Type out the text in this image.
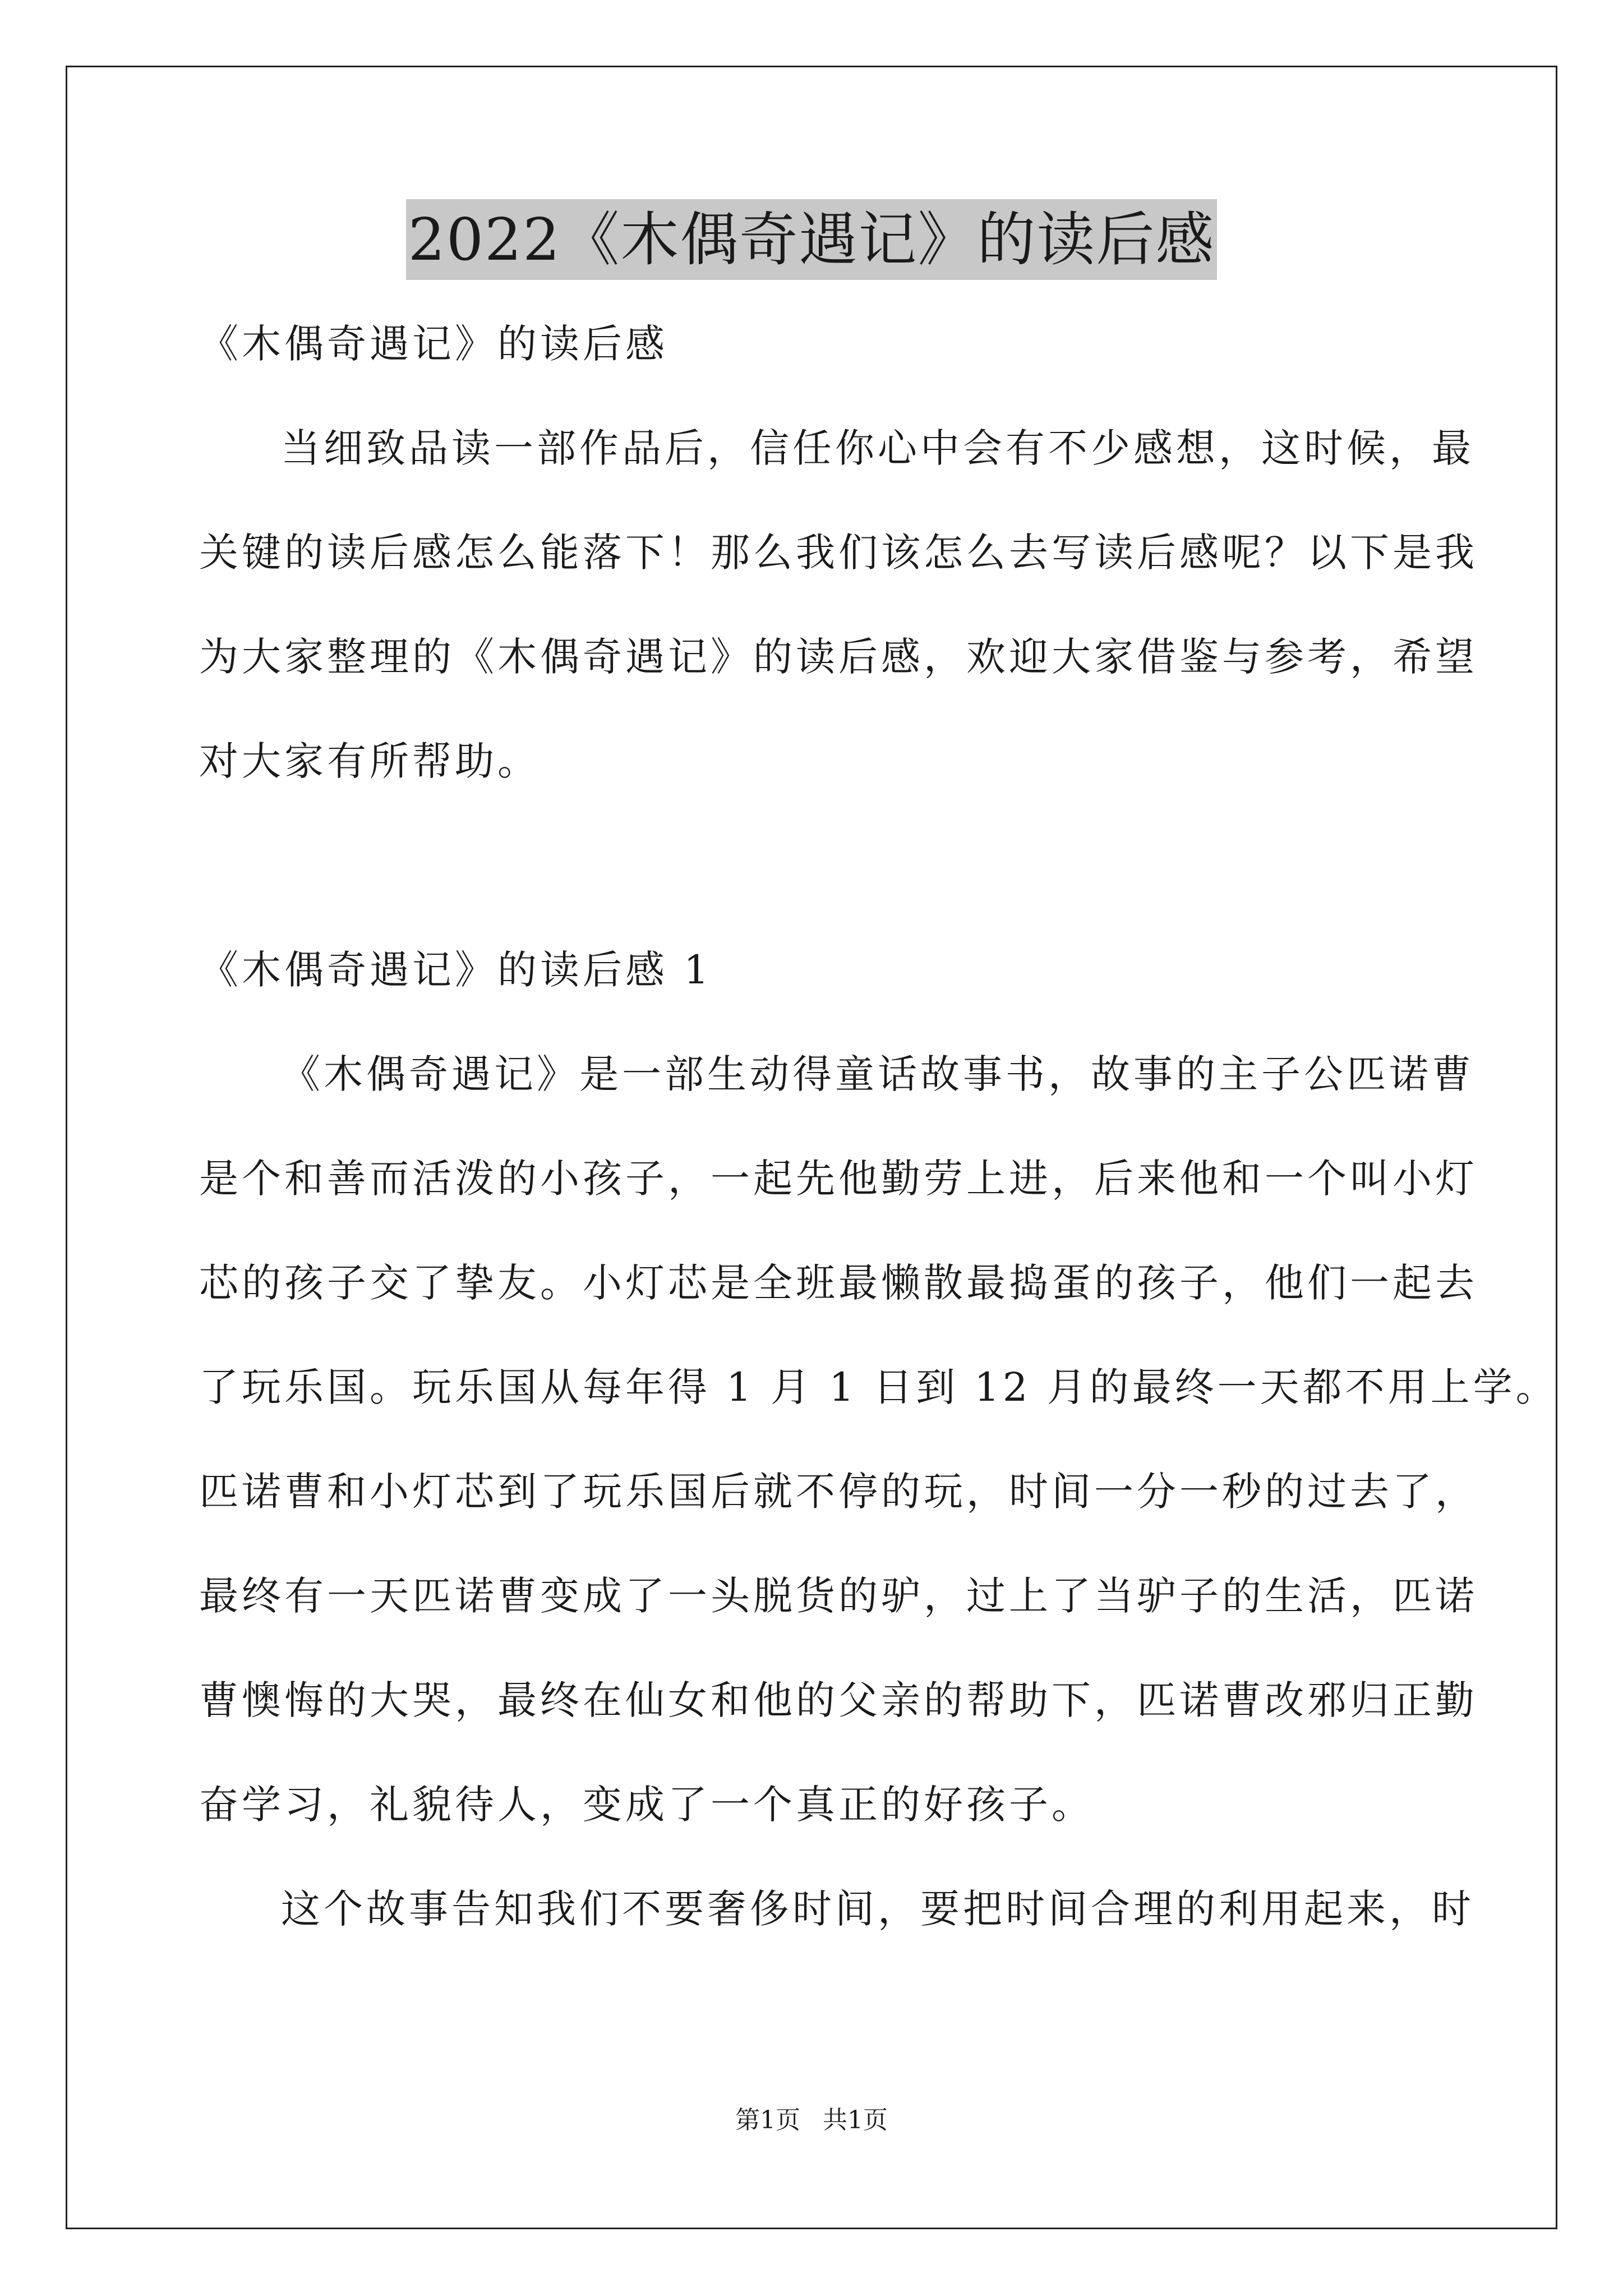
2022《木偶奇遇记》的读后感
《木偶奇遇记》的读后感
当细致品读一部作品后，信任你心中会有不少感想，这时候，最
关键的读后感怎么能落下！那么我们该怎么去写读后感呢？以下是我
为大家整理的《木偶奇遇记》的读后感，欢迎大家借鉴与参考，希望
对大家有所帮助。
《木偶奇遇记》的读后感 1
《木偶奇遇记》是一部生动得童话故事书，故事的主子公匹诺曹
是个和善而活泼的小孩子，一起先他勤劳上进，后来他和一个叫小灯
芯的孩子交了挚友。小灯芯是全班最懒散最捣蛋的孩子，他们一起去
了玩乐国。玩乐国从每年得 1 月 1 日到 12 月的最终一天都不用上学。
匹诺曹和小灯芯到了玩乐国后就不停的玩，时间一分一秒的过去了，
最终有一天匹诺曹变成了一头脱货的驴，过上了当驴子的生活，匹诺
曹懊悔的大哭，最终在仙女和他的父亲的帮助下，匹诺曹改邪归正勤
奋学习，礼貌待人，变成了一个真正的好孩子。
这个故事告知我们不要奢侈时间，要把时间合理的利用起来，时
第1页 共1页
